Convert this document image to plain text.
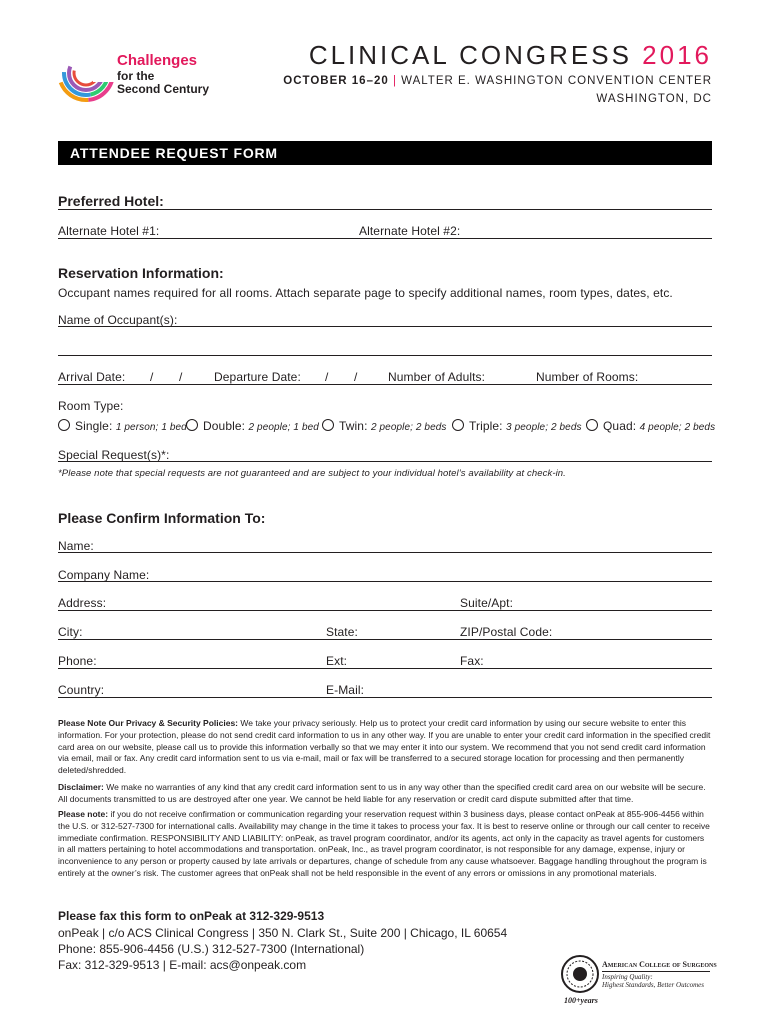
Challenges
for the
Second Century
CLINICAL CONGRESS 2016
OCTOBER 16–20 | WALTER E. WASHINGTON CONVENTION CENTER
WASHINGTON, DC
ATTENDEE REQUEST FORM
Preferred Hotel:
Alternate Hotel #1:	Alternate Hotel #2:
Reservation Information:
Occupant names required for all rooms. Attach separate page to specify additional names, room types, dates, etc.
Name of Occupant(s):
Arrival Date: / /	Departure Date: / /	Number of Adults:	Number of Rooms:
Room Type:
Single: 1 person; 1 bed	Double: 2 people; 1 bed	Twin: 2 people; 2 beds	Triple: 3 people; 2 beds	Quad: 4 people; 2 beds
Special Request(s)*:
*Please note that special requests are not guaranteed and are subject to your individual hotel’s availability at check-in.
Please Confirm Information To:
Name:
Company Name:
Address:	Suite/Apt:
City:	State:	ZIP/Postal Code:
Phone:	Ext:	Fax:
Country:	E-Mail:
Please Note Our Privacy & Security Policies: We take your privacy seriously. Help us to protect your credit card information by using our secure website to enter this information. For your protection, please do not send credit card information to us in any other way. If you are unable to enter your credit card information in the specified credit card area on our website, please call us to provide this information verbally so that we may enter it into our system. We recommend that you not send credit card information via email, mail or fax. Any credit card information sent to us via e-mail, mail or fax will be transferred to a secured storage location for processing and then permanently deleted/shredded.
Disclaimer: We make no warranties of any kind that any credit card information sent to us in any way other than the specified credit card area on our website will be secure. All documents transmitted to us are destroyed after one year. We cannot be held liable for any reservation or credit card dispute submitted after that time.
Please note: if you do not receive confirmation or communication regarding your reservation request within 3 business days, please contact onPeak at 855-906-4456 within the U.S. or 312-527-7300 for international calls. Availability may change in the time it takes to process your fax. It is best to reserve online or through our call center to receive immediate confirmation. RESPONSIBILITY AND LIABILITY: onPeak, as travel program coordinator, and/or its agents, act only in the capacity as travel agents for customers in all matters pertaining to hotel accommodations and transportation. onPeak, Inc., as travel program coordinator, is not responsible for any damage, expense, injury or inconvenience to any person or property caused by late arrivals or departures, change of schedule from any cause whatsoever. Baggage handling throughout the program is entirely at the owner’s risk. The customer agrees that onPeak shall not be held responsible in the event of any errors or omissions in any promotional materials.
Please fax this form to onPeak at 312-329-9513
onPeak | c/o ACS Clinical Congress | 350 N. Clark St., Suite 200 | Chicago, IL 60654
Phone: 855-906-4456 (U.S.) 312-527-7300 (International)
Fax: 312-329-9513 | E-mail: acs@onpeak.com	American College of Surgeons
Inspiring Quality:
Highest Standards, Better Outcomes
100+years
